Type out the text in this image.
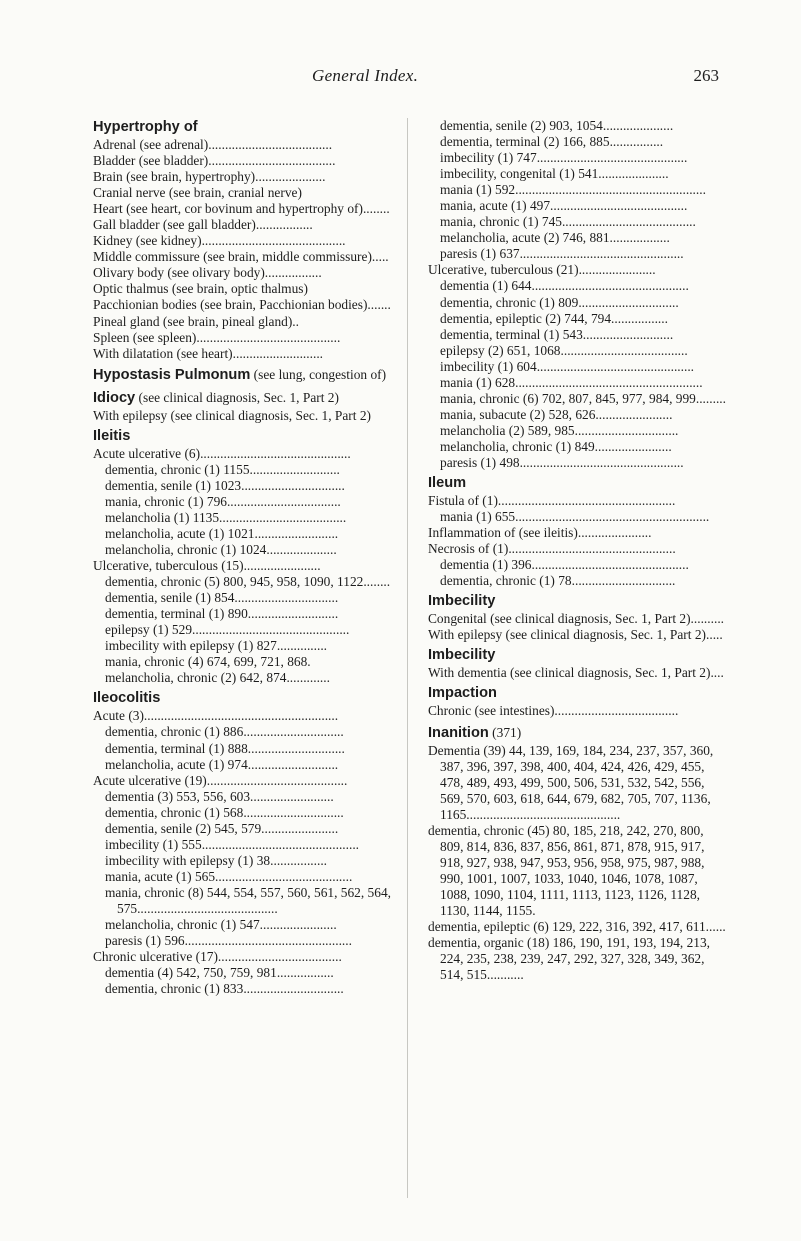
General Index.	263
Hypertrophy of
Adrenal (see adrenal).....................................
Bladder (see bladder)......................................
Brain (see brain, hypertrophy).....................
Cranial nerve (see brain, cranial nerve)
Heart (see heart, cor bovinum and hypertrophy of)........
Gall bladder (see gall bladder).................
Kidney (see kidney)...........................................
Middle commissure (see brain, middle commissure).....
Olivary body (see olivary body).................
Optic thalmus (see brain, optic thalmus)
Pacchionian bodies (see brain, Pacchionian bodies).......
Pineal gland (see brain, pineal gland)..
Spleen (see spleen)...........................................
With dilatation (see heart)...........................
Hypostasis Pulmonum (see lung, congestion of)
Idiocy (see clinical diagnosis, Sec. 1, Part 2)
With epilepsy (see clinical diagnosis, Sec. 1, Part 2)
Ileitis
Acute ulcerative (6).............................................
dementia, chronic (1) 1155...........................
dementia, senile (1) 1023...............................
mania, chronic (1) 796..................................
melancholia (1) 1135......................................
melancholia, acute (1) 1021.........................
melancholia, chronic (1) 1024.....................
Ulcerative, tuberculous (15).......................
dementia, chronic (5) 800, 945, 958, 1090, 1122........
dementia, senile (1) 854...............................
dementia, terminal (1) 890...........................
epilepsy (1) 529...............................................
imbecility with epilepsy (1) 827...............
mania, chronic (4) 674, 699, 721, 868.
melancholia, chronic (2) 642, 874.............
Ileocolitis
Acute (3)..........................................................
dementia, chronic (1) 886..............................
dementia, terminal (1) 888.............................
melancholia, acute (1) 974...........................
Acute ulcerative (19)..........................................
dementia (3) 553, 556, 603.........................
dementia, chronic (1) 568..............................
dementia, senile (2) 545, 579.......................
imbecility (1) 555...............................................
imbecility with epilepsy (1) 38.................
mania, acute (1) 565.........................................
mania, chronic (8) 544, 554, 557, 560, 561, 562, 564, 575..........................................
melancholia, chronic (1) 547.......................
paresis (1) 596..................................................
Chronic ulcerative (17).....................................
dementia (4) 542, 750, 759, 981.................
dementia, chronic (1) 833..............................
dementia, senile (2) 903, 1054.....................
dementia, terminal (2) 166, 885................
imbecility (1) 747.............................................
imbecility, congenital (1) 541.....................
mania (1) 592.........................................................
mania, acute (1) 497.........................................
mania, chronic (1) 745........................................
melancholia, acute (2) 746, 881..................
paresis (1) 637.................................................
Ulcerative, tuberculous (21).......................
dementia (1) 644...............................................
dementia, chronic (1) 809..............................
dementia, epileptic (2) 744, 794.................
dementia, terminal (1) 543...........................
epilepsy (2) 651, 1068......................................
imbecility (1) 604...............................................
mania (1) 628........................................................
mania, chronic (6) 702, 807, 845, 977, 984, 999.........
mania, subacute (2) 528, 626.......................
melancholia (2) 589, 985...............................
melancholia, chronic (1) 849.......................
paresis (1) 498.................................................
Ileum
Fistula of (1).....................................................
mania (1) 655..........................................................
Inflammation of (see ileitis)......................
Necrosis of (1)..................................................
dementia (1) 396...............................................
dementia, chronic (1) 78...............................
Imbecility
Congenital (see clinical diagnosis, Sec. 1, Part 2)..........
With epilepsy (see clinical diagnosis, Sec. 1, Part 2).....
Imbecility
With dementia (see clinical diagnosis, Sec. 1, Part 2)....
Impaction
Chronic (see intestines).....................................
Inanition (371)
Dementia (39) 44, 139, 169, 184, 234, 237, 357, 360, 387, 396, 397, 398, 400, 404, 424, 426, 429, 455, 478, 489, 493, 499, 500, 506, 531, 532, 542, 556, 569, 570, 603, 618, 644, 679, 682, 705, 707, 1136, 1165..............................................
dementia, chronic (45) 80, 185, 218, 242, 270, 800, 809, 814, 836, 837, 856, 861, 871, 878, 915, 917, 918, 927, 938, 947, 953, 956, 958, 975, 987, 988, 990, 1001, 1007, 1033, 1040, 1046, 1078, 1087, 1088, 1090, 1104, 1111, 1113, 1123, 1126, 1128, 1130, 1144, 1155.
dementia, epileptic (6) 129, 222, 316, 392, 417, 611......
dementia, organic (18) 186, 190, 191, 193, 194, 213, 224, 235, 238, 239, 247, 292, 327, 328, 349, 362, 514, 515...........
